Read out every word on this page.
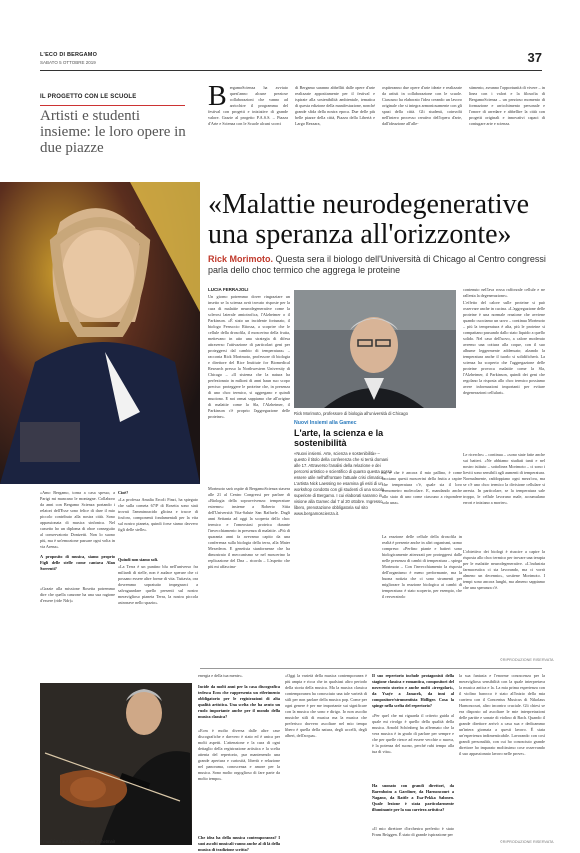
L'ECO DI BERGAMO
SABATO 5 OTTOBRE 2019	37
IL PROGETTO CON LE SCUOLE
Artisti e studenti insieme: le loro opere in due piazze
BergamoScienza ha avviato quest'anno alcune preziose collaborazioni che vanno ad arricchire il programma del festival con progetti e iniziative di grande valore. Grazie al progetto P.A.S.S. – Piazza d'Arte e Scienza con le Scuole alcuni scorci
di Bergamo saranno abbelliti dalle opere d'arte realizzate appositamente per il festival e ispirate alla sostenibilità ambientale, tematica di questa edizione della manifestazione, nonché grande sfida della nostra epoca. Due delle più belle piazze della città, Piazza della Libertà e Largo Rezzara,
ospiteranno due opere d'arte ideate e realizzate da artisti in collaborazione con le scuole. Ciascuno ha elaborato l'idea creando un lavoro originale che si integra armoniosamente con gli spazi della città. Gli studenti, coinvolti nell'intero processo creativo dell'opera d'arte, dall'ideazione all'alle-
stimento, avranno l'opportunità di vivere – in linea con i valori e la filosofia di BergamoScienza – un prezioso momento di formazione e arricchimento personale e l'onore di arredare e abbellire la città con progetti originali e innovativi capaci di coniugare arte e scienza.
«Malattie neurodegenerative una speranza all'orizzonte»
Rick Morimoto. Questa sera il biologo dell'Università di Chicago al Centro congressi parla dello choc termico che aggrega le proteine
LUCIA FERRAJOLI
Un giorno potremmo dover ringraziare un insetto se la scienza avrà trovato risposte per la cura di malattie neurodegenerative come la sclerosi laterale amiotrofica, l'Alzheimer o il Parkinson. «È stato un incidente fortunato, il biologo Ferruccio Ritossa, a scoprire che le cellule della drosofila, il moscerino della frutta, mettevano in atto una strategia di difesa attraverso l'attivazione di particolari geni per proteggersi dal cambio di temperatura» – racconta Rick Morimoto, professore di biologia e direttore del Rice Institute for Biomedical Research presso la Northwestern University di Chicago – «Il sistema che la natura ha perfezionato in milioni di anni haun suo scopo preciso: proteggere le proteine che, in presenza di uno choc termico, si aggregano e quindi muoiono. E noi ormai sappiamo che all'origine di malattie come la Sla, l'Alzheimer, il Parkinson c'è proprio l'aggregazione delle proteine».
Morimoto sarà ospite di BergamoScienza stasera alle 21 al Centro Congressi per parlare di «Biologia della sopravvivenza: temperature estreme»: insieme a Roberto Sitia dell'Università Vita-Salute San Raffaele. Dagli anni Settanta ad oggi la scoperta dello choc termico e l'omeostasi proteica durante l'invecchiamento in presenza di malattie. «Più di quaranta anni fa avevamo capito da una conferenza sulla biologia della terra, alla Mater Mexedeon. E genetista stanfornense che ha dimostrato il meccanismo se nel moscerino la replicazione del Dna – ricorda – L'aspetto che più mi affascina-
Rick Morimoto, professore di biologia all'università di Chicago
Nuovi Insiemi alla Gamec
L'arte, la scienza e la sostenibilità
«Nuovi insiemi. Arte, scienza e sostenibilità» – questo il titolo della conferenza che si terrà domani alle 17. Attraverso l'analisi della relazione e dei percorsi artistico e scientifico di quanto questa possa essere utile nell'affrontare l'attuale crisi climatica. L'artista Nick Laessing ne esamina gli esiti di un workshop condotto con gli studenti di una scuola superiore di Bergamo. I cui elaborati saranno in visione alla Gamec dal 7 al 20 ottobre. Ingresso libero, prenotazione obbligatoria sul sito www.bergamoscienza.it.
va, e che è ancora il mio pallino, è come facciano questi moscerini della frutta a capire che temperatura c'è, quale sia il loro termometro molecolare. E, mandando anche allo stato di uno come ciascuno a rispondere solo una».
La reazione delle cellule della drosofila in realtà è presente anche in altri organismi, uomo compreso: «Perfino piante e batteri sono biologicamente attrezzati per proteggersi dalle nelle presenza di cambi di temperatura – spiega Morimoto – Con l'invecchiamento la risposta dell'organismo è meno performante, ma la buona notizia che ci sono strumenti per migliorare la reazione biologica ai cambi di temperatura: è stato scoperto, per esempio, che il resveratrolo
contenuto nell'ava rossa rafforzale cellule e ne rallenta la degenerazione».
L'effetto del calore sulle proteine si può osservare anche in cucina. «L'aggregazione delle proteine è una normale reazione che avviene quando cuociamo un uovo – continua Morimoto – più la temperatura è alta, più le proteine si compattano passando dallo stato liquido a quello solido. Nel caso dell'uovo, a calore moderato avremo una cottura alla coque, con il suo albume leggermente addensato; alzando la temperatura anche il tuorlo si solidificherà. La scienza ha scoperto che l'aggregazione delle proteine provoca malattie come la Sla, l'Alzheimer, il Parkinson, quindi dei geni che regolano la risposta allo choc termico possiamo avere informazioni importanti per evitare degenerazioni cellulari».
Le ricerche» – continua – «sono state fatte anche sui batteri. «Ne abbiamo studiati tanti e nel nostro istituto – sottolinea Morimoto – ci sono i lieviti sono sensibili agli aumenti di temperatura. Normalmente, raddoppiano ogni mezz'ora, ma se c'è uno choc termico la divisione cellulare si arresta. In particolare, se la temperatura sale troppo, le cellule lavorano male, accumulano errori e iniziano a morire».
L'obiettivo dei biologi è riuscire a capire la risposta allo choc termico per trovare una terapia per le malattie neurodegenerative. «L'industria farmaceutica ci sta lavorando, ma ci vorrà almeno un decennio», sostiene Morimoto. I tempi sono ancora lunghi, ma almeno sappiamo che una speranza c'è.
©RIPRODUZIONE RISERVATA
«Amo Bergamo, torna a casa spesso, a Parigi mi mancano le montagne. Collaboro da anni con Bergamo Scienza portando i relatori dell'Esse sono felice di dare il mio piccolo contributo alla nostra città. Sono appassionata di musica sinfonica. Nel cassetto ho un diploma di oboe conseguito al conservatorio Donizetti. Non lo suono più, ma è un'emozione passare ogni volta in via Arena».
A proposito di musica, siamo proprio Figli delle stelle come cantava Alan Sorrenti?
«Grazie alla missione Rosetta potremmo dire che quella canzone ha una sua ragione d'essere (ride Ndr)»
Cioè?
«La professa Amalia Ercoli Finzi, ha spiegato che sulla cometa 67/P di Rosetta sono stati trovati l'amminoacido glicina e tracce di fosforo, componenti fondamentali per la vita sul nostro pianeta, quindi forse siamo davvero figli delle stelle».
Quindi non siamo soli.
«La Terra è un puntino blu nell'universo fra miliardi di stelle, non è audace sperare che ci possano essere altre forme di vita. Tuttavia, ora dovremmo sopratutto impegnarci a salvaguardare quello presenti sul nostro meraviglioso pianeta Terra, la nostra piccola astronave nello spazio».
Il musicista austriaco Thomas Zehetmair
energia e della tua mente».
Incide da molti anni per la casa discografica tedesca Ecm che rappresenta un riferimento obbligatorio per le registrazioni di alta qualità artistica. Una scelta che ha avuto un ruolo importante anche per il mondo della musica classica?
«Ecm è molto diversa dalle altre case discografiche e davvero è stato ed è unica per molti aspetti. L'attenzione e la cura di ogni dettaglio della registrazione artistica e la scelta attenta del repertorio, pur mantenendo una grande apertura e curiosità, libertà e relazione nel panorama, conoscenza e amore per la musica. Sono molto orgoglioso di fare parte da molto tempo».
Che idea ha della musica contemporanea? I suoi ascolti musicali vanno anche al di là della musica di tradizione scritta?
«Oggi la varietà della musica contemporanea è più ampia e ricca che in qualsiasi altro periodo della storia della musica. Ma la musica classica contemporanea ha conosciuto una tale varietà di stili per non parlare della musica pop. Come per ogni genere è per me importante sui significare con la musica che sono e dirigo. Io non ascolto musiche stili di musica ma la musica che preferisco davvero ascoltare nel mio tempo libero è quella della natura, degli uccelli, degli alberi, dell'acqua».
Il suo repertorio include protagonisti della stagione classica e romantica, compositori del novecento storico e anche molti «irregolari», da Ysaÿe a Janacek, da inni al compositore/strumentista Hólliger. Cosa la spinge nella scelta del repertorio?
«Per quel che mi riguarda il criterio guida al quale mi rivolgo è quello della qualità della musica. Arnold Schönberg ha affermato che la vera musica è in grado di parlare per sempre e che per quelle riesce ad essere vecchie o nuova, è la potenza del suono, perché rubi tempo alla tua di vita».
Ha suonato con grandi direttori, da Barenboim a Gardiner, da Harnoncourt a Nagano, da Rattle a Esa-Pekka Salonen. Quale lezione è stata particolarmente illuminante per la sua carriera artistica?
«Il mio direttore d'orchestra preferito è stato Frans Brüggen. È stato di grande ispirazione per
la sua fantasia e l'enorme conoscenza per la meravigliosa sensibilità con la quale interpretava la musica antica e la. La mia prima esperienza con il violino barocco è stato all'inizio della mia carriera con il Concentus Musicus di Nikolaus Harnoncourt, altro incontro cruciale. Gli chiesi se era disposto ad ascoltare le mie interpretazioni delle partite e sonate di violino di Bach. Quando il grande direttore arrivò a casa sua e dedicammo un'intera giornata a questi lavoro. È stata un'esperienza indimenticabile. Lavorando con così grandi personalità, con cui ho conosciuto grande direttore ho imparato moltissimo cose osservando il suo appassionato lavoro nelle prove».
©RIPRODUZIONE RISERVATA
